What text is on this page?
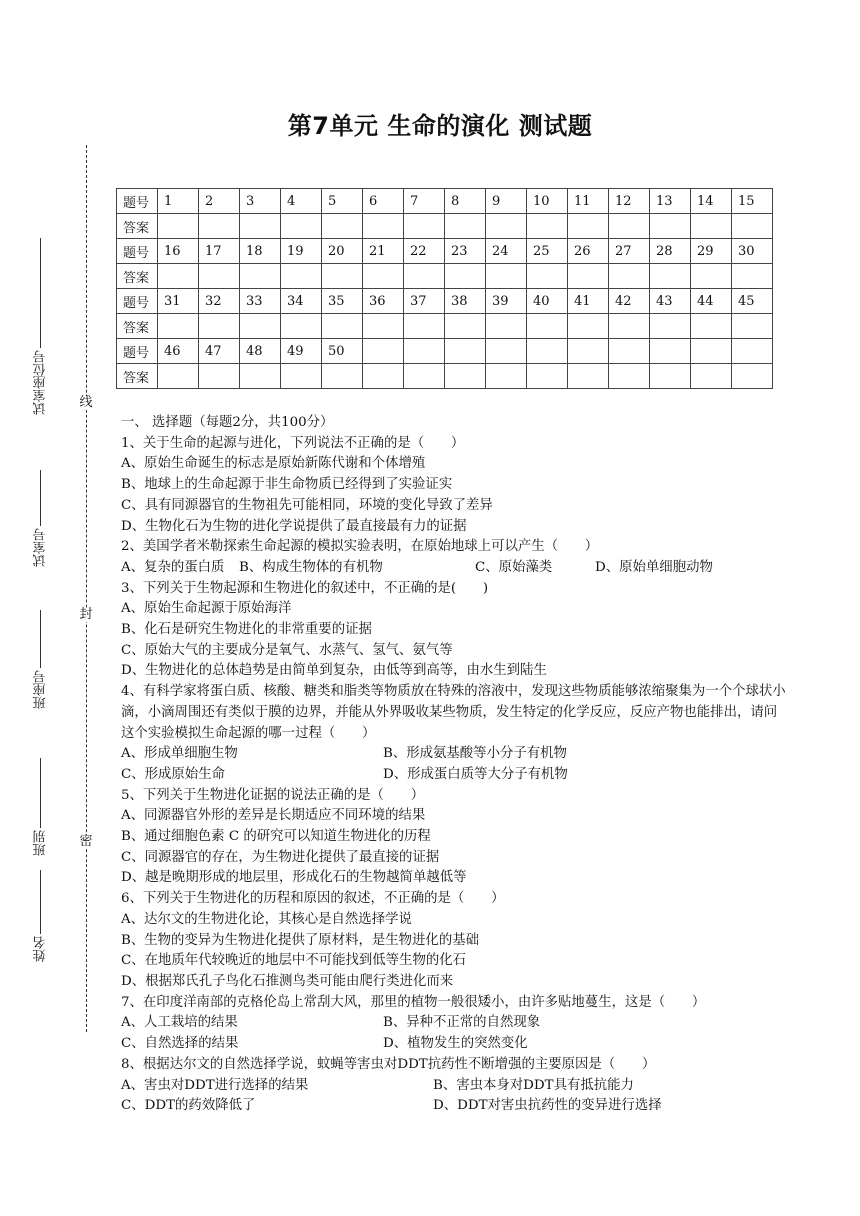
第7单元 生命的演化 测试题
线
封
密
试室座位号
试室号
班座号
班别
姓名
题号	1	2	3	4	5	6	7	8	9	10	11	12	13	14	15
答案															
题号	16	17	18	19	20	21	22	23	24	25	26	27	28	29	30
答案															
题号	31	32	33	34	35	36	37	38	39	40	41	42	43	44	45
答案															
题号	46	47	48	49	50										
答案															
一、 选择题（每题2分，共100分）
1、关于生命的起源与进化，下列说法不正确的是（　　）
A、原始生命诞生的标志是原始新陈代谢和个体增殖
B、地球上的生命起源于非生命物质已经得到了实验证实
C、具有同源器官的生物祖先可能相同，环境的变化导致了差异
D、生物化石为生物的进化学说提供了最直接最有力的证据
2、美国学者米勒探索生命起源的模拟实验表明，在原始地球上可以产生（　　）
A、复杂的蛋白质	B、构成生物体的有机物	C、原始藻类	D、原始单细胞动物
3、下列关于生物起源和生物进化的叙述中，不正确的是(　　)
A、原始生命起源于原始海洋
B、化石是研究生物进化的非常重要的证据
C、原始大气的主要成分是氧气、水蒸气、氢气、氨气等
D、生物进化的总体趋势是由简单到复杂，由低等到高等，由水生到陆生
4、有科学家将蛋白质、核酸、糖类和脂类等物质放在特殊的溶液中，发现这些物质能够浓缩聚集为一个个球状小滴，小滴周围还有类似于膜的边界，并能从外界吸收某些物质，发生特定的化学反应，反应产物也能排出，请问这个实验模拟生命起源的哪一过程（　　）
A、形成单细胞生物	B、形成氨基酸等小分子有机物
C、形成原始生命	D、形成蛋白质等大分子有机物
5、下列关于生物进化证据的说法正确的是（　　）
A、同源器官外形的差异是长期适应不同环境的结果
B、通过细胞色素 C 的研究可以知道生物进化的历程
C、同源器官的存在，为生物进化提供了最直接的证据
D、越是晚期形成的地层里，形成化石的生物越简单越低等
6、下列关于生物进化的历程和原因的叙述，不正确的是（　　）
A、达尔文的生物进化论，其核心是自然选择学说
B、生物的变异为生物进化提供了原材料，是生物进化的基础
C、在地质年代较晚近的地层中不可能找到低等生物的化石
D、根据郑氏孔子鸟化石推测鸟类可能由爬行类进化而来
7、在印度洋南部的克格伦岛上常刮大风，那里的植物一般很矮小，由许多贴地蔓生，这是（　　）
A、人工栽培的结果	B、异种不正常的自然现象
C、自然选择的结果	D、植物发生的突然变化
8、根据达尔文的自然选择学说，蚊蝇等害虫对DDT抗药性不断增强的主要原因是（　　）
A、害虫对DDT进行选择的结果	B、害虫本身对DDT具有抵抗能力
C、DDT的药效降低了	D、DDT对害虫抗药性的变异进行选择
